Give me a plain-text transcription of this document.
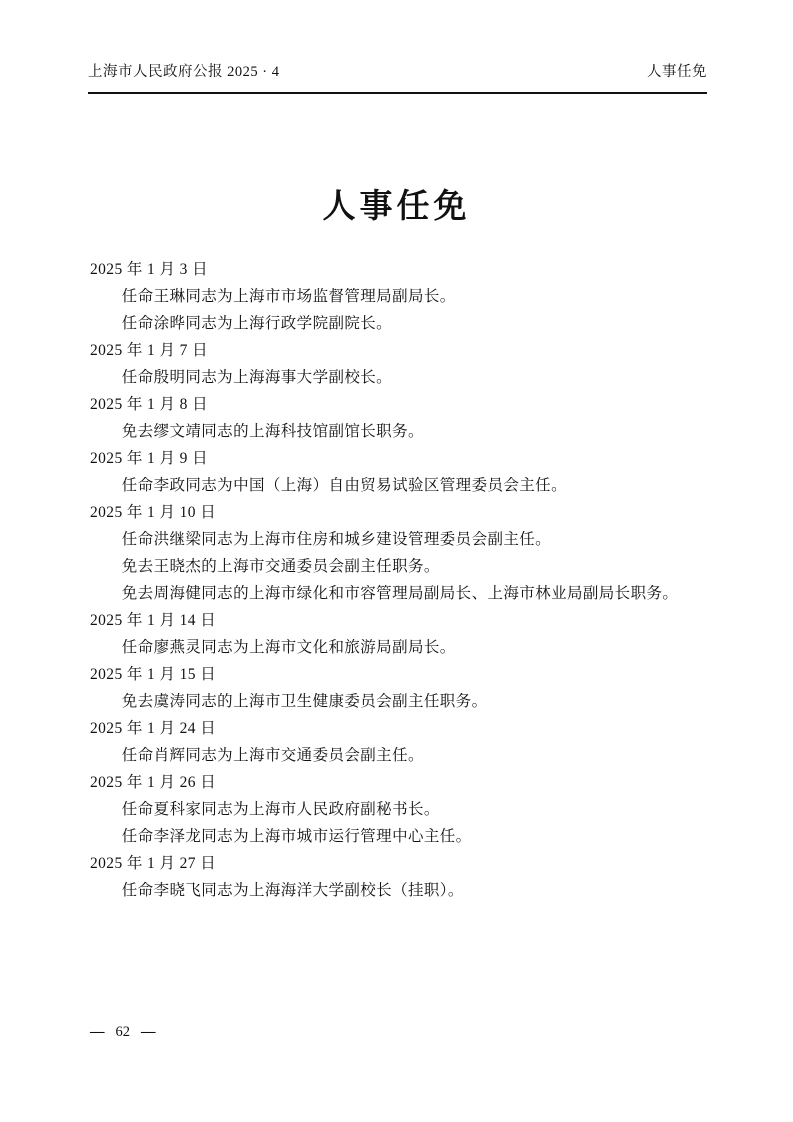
上海市人民政府公报 2025 · 4	人事任免
人事任免
2025 年 1 月 3 日
任命王琳同志为上海市市场监督管理局副局长。
任命涂晔同志为上海行政学院副院长。
2025 年 1 月 7 日
任命殷明同志为上海海事大学副校长。
2025 年 1 月 8 日
免去缪文靖同志的上海科技馆副馆长职务。
2025 年 1 月 9 日
任命李政同志为中国（上海）自由贸易试验区管理委员会主任。
2025 年 1 月 10 日
任命洪继梁同志为上海市住房和城乡建设管理委员会副主任。
免去王晓杰的上海市交通委员会副主任职务。
免去周海健同志的上海市绿化和市容管理局副局长、上海市林业局副局长职务。
2025 年 1 月 14 日
任命廖燕灵同志为上海市文化和旅游局副局长。
2025 年 1 月 15 日
免去虞涛同志的上海市卫生健康委员会副主任职务。
2025 年 1 月 24 日
任命肖辉同志为上海市交通委员会副主任。
2025 年 1 月 26 日
任命夏科家同志为上海市人民政府副秘书长。
任命李泽龙同志为上海市城市运行管理中心主任。
2025 年 1 月 27 日
任命李晓飞同志为上海海洋大学副校长（挂职）。
— 62 —
